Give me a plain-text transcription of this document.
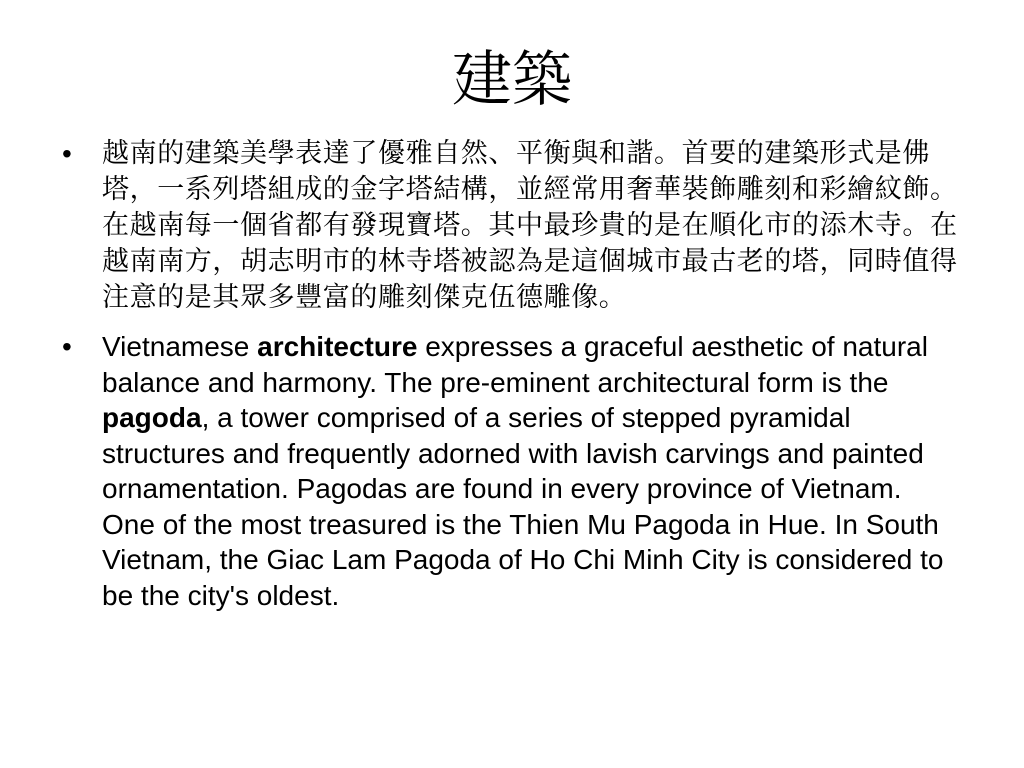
建築
•	越南的建築美學表達了優雅自然、平衡與和諧。首要的建築形式是佛塔，一系列塔組成的金字塔結構，並經常用奢華裝飾雕刻和彩繪紋飾。在越南每一個省都有發現寶塔。其中最珍貴的是在順化市的添木寺。在越南南方，胡志明市的林寺塔被認為是這個城市最古老的塔，同時值得注意的是其眾多豐富的雕刻傑克伍德雕像。
•	Vietnamese architecture expresses a graceful aesthetic of natural balance and harmony. The pre-eminent architectural form is the pagoda, a tower comprised of a series of stepped pyramidal structures and frequently adorned with lavish carvings and painted ornamentation. Pagodas are found in every province of Vietnam. One of the most treasured is the Thien Mu Pagoda in Hue. In South Vietnam, the Giac Lam Pagoda of Ho Chi Minh City is considered to be the city's oldest.
